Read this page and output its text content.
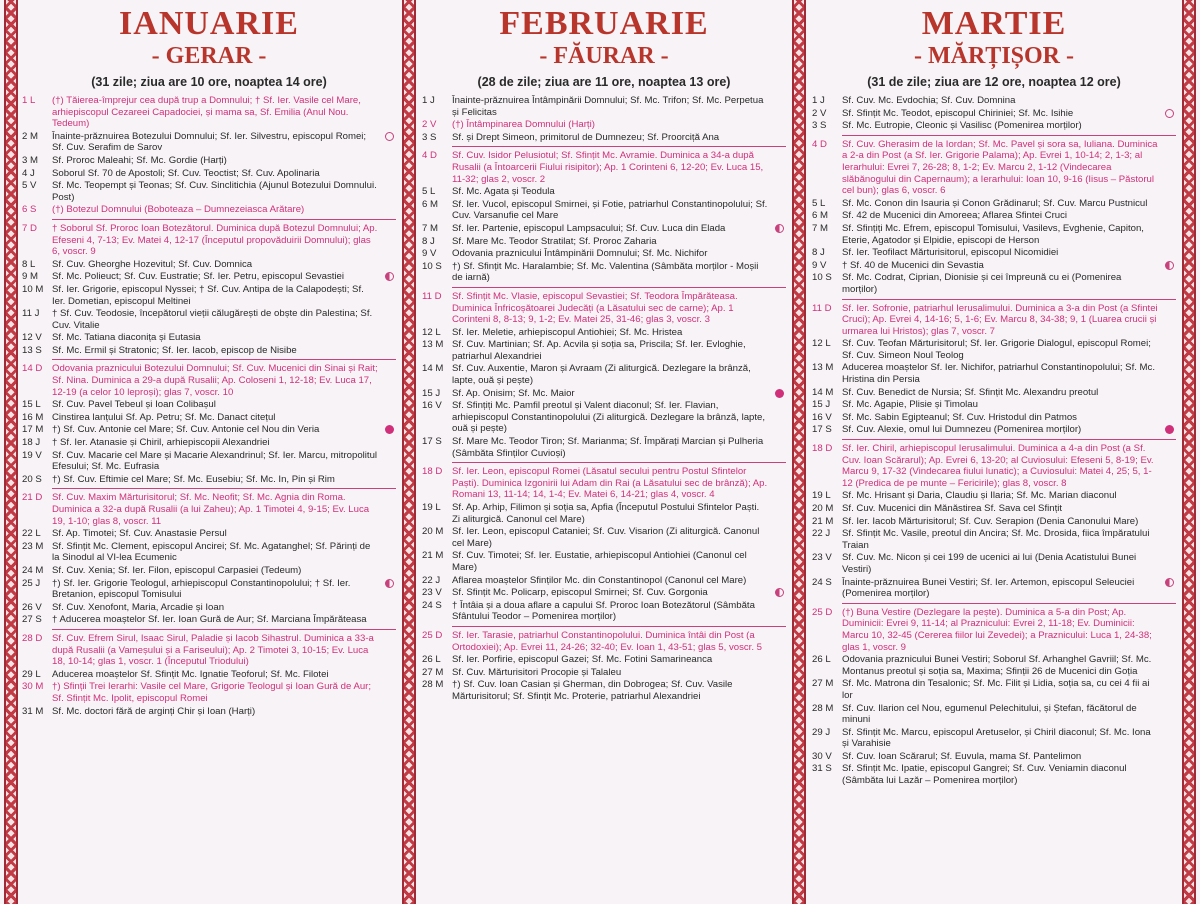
IANUARIE
- GERAR -
(31 zile; ziua are 10 ore, noaptea 14 ore)
1 L	(†) Tăierea-împrejur cea după trup a Domnului; † Sf. Ier. Vasile cel Mare, arhiepiscopul Cezareei Capadociei, și mama sa, Sf. Emilia (Anul Nou. Tedeum)
2 M	Înainte-prăznuirea Botezului Domnului; Sf. Ier. Silvestru, episcopul Romei; Sf. Cuv. Serafim de Sarov
3 M	Sf. Proroc Maleahi; Sf. Mc. Gordie (Harți)
4 J	Soborul Sf. 70 de Apostoli; Sf. Cuv. Teoctist; Sf. Cuv. Apolinaria
5 V	Sf. Mc. Teopempt și Teonas; Sf. Cuv. Sinclitichia (Ajunul Botezului Domnului. Post)
6 S	(†) Botezul Domnului (Boboteaza – Dumnezeiasca Arătare)
7 D	† Soborul Sf. Proroc Ioan Botezătorul. Duminica după Botezul Domnului; Ap. Efeseni 4, 7-13; Ev. Matei 4, 12-17 (Începutul propovăduirii Domnului); glas 6, voscr. 9
8 L	Sf. Cuv. Gheorghe Hozevitul; Sf. Cuv. Domnica
9 M	Sf. Mc. Polieuct; Sf. Cuv. Eustratie; Sf. Ier. Petru, episcopul Sevastiei
10 M Sf. Ier. Grigorie, episcopul Nyssei; † Sf. Cuv. Antipa de la Calapodești; Sf. Ier. Dometian, episcopul Meltinei
11 J	† Sf. Cuv. Teodosie, începătorul vieții călugărești de obște din Palestina; Sf. Cuv. Vitalie
12 V	Sf. Mc. Tatiana diaconița și Eutasia
13 S	Sf. Mc. Ermil și Stratonic; Sf. Ier. Iacob, episcop de Nisibe
14 D	Odovania praznicului Botezului Domnului; Sf. Cuv. Mucenici din Sinai și Rait; Sf. Nina. Duminica a 29-a după Rusalii; Ap. Coloseni 1, 12-18; Ev. Luca 17, 12-19 (a celor 10 leproși); glas 7, voscr. 10
15 L	Sf. Cuv. Pavel Tebeul și Ioan Colibașul
16 M Cinstirea lanțului Sf. Ap. Petru; Sf. Mc. Danact citețul
17 M †) Sf. Cuv. Antonie cel Mare; Sf. Cuv. Antonie cel Nou din Veria
18 J	† Sf. Ier. Atanasie și Chiril, arhiepiscopii Alexandriei
19 V	Sf. Cuv. Macarie cel Mare și Macarie Alexandrinul; Sf. Ier. Marcu, mitropolitul Efesului; Sf. Mc. Eufrasia
20 S	†) Sf. Cuv. Eftimie cel Mare; Sf. Mc. Eusebiu; Sf. Mc. In, Pin și Rim
21 D	Sf. Cuv. Maxim Mărturisitorul; Sf. Mc. Neofit; Sf. Mc. Agnia din Roma. Duminica a 32-a după Rusalii (a lui Zaheu); Ap. 1 Timotei 4, 9-15; Ev. Luca 19, 1-10; glas 8, voscr. 11
22 L	Sf. Ap. Timotei; Sf. Cuv. Anastasie Persul
23 M Sf. Sfințit Mc. Clement, episcopul Ancirei; Sf. Mc. Agatanghel; Sf. Părinți de la Sinodul al VI-lea Ecumenic
24 M Sf. Cuv. Xenia; Sf. Ier. Filon, episcopul Carpasiei (Tedeum)
25 J	†) Sf. Ier. Grigorie Teologul, arhiepiscopul Constantinopolului; † Sf. Ier. Bretanion, episcopul Tomisului
26 V	Sf. Cuv. Xenofont, Maria, Arcadie și Ioan
27 S	† Aducerea moaștelor Sf. Ier. Ioan Gură de Aur; Sf. Marciana Împărăteasa
28 D	Sf. Cuv. Efrem Sirul, Isaac Sirul, Paladie și Iacob Sihastrul. Duminica a 33-a după Rusalii (a Vameșului și a Fariseului); Ap. 2 Timotei 3, 10-15; Ev. Luca 18, 10-14; glas 1, voscr. 1 (Începutul Triodului)
29 L	Aducerea moaștelor Sf. Sfințit Mc. Ignatie Teoforul; Sf. Mc. Filotei
30 M †) Sfinții Trei Ierarhi: Vasile cel Mare, Grigorie Teologul și Ioan Gură de Aur; Sf. Sfințit Mc. Ipolit, episcopul Romei
31 M Sf. Mc. doctori fără de arginți Chir și Ioan (Harți)
FEBRUARIE
- FĂURAR -
(28 de zile; ziua are 11 ore, noaptea 13 ore)
1 J	Înainte-prăznuirea Întâmpinării Domnului; Sf. Mc. Trifon; Sf. Mc. Perpetua și Felicitas
2 V	(†) Întâmpinarea Domnului (Harți)
3 S	Sf. și Drept Simeon, primitorul de Dumnezeu; Sf. Proorciță Ana
4 D	Sf. Cuv. Isidor Pelusiotul; Sf. Sfințit Mc. Avramie. Duminica a 34-a după Rusalii (a Întoarcerii Fiului risipitor); Ap. 1 Corinteni 6, 12-20; Ev. Luca 15, 11-32; glas 2, voscr. 2
5 L	Sf. Mc. Agata și Teodula
6 M	Sf. Ier. Vucol, episcopul Smirnei, și Fotie, patriarhul Constantinopolului; Sf. Cuv. Varsanufie cel Mare
7 M	Sf. Ier. Partenie, episcopul Lampsacului; Sf. Cuv. Luca din Elada
8 J	Sf. Mare Mc. Teodor Stratilat; Sf. Proroc Zaharia
9 V	Odovania praznicului Întâmpinării Domnului; Sf. Mc. Nichifor
10 S	†) Sf. Sfințit Mc. Haralambie; Sf. Mc. Valentina (Sâmbăta morților - Moșii de iarnă)
11 D	Sf. Sfințit Mc. Vlasie, episcopul Sevastiei; Sf. Teodora Împărăteasa. Duminica Înfricoșătoarei Judecăți (a Lăsatului sec de carne); Ap. 1 Corinteni 8, 8-13; 9, 1-2; Ev. Matei 25, 31-46; glas 3, voscr. 3
12 L	Sf. Ier. Meletie, arhiepiscopul Antiohiei; Sf. Mc. Hristea
13 M Sf. Cuv. Martinian; Sf. Ap. Acvila și soția sa, Priscila; Sf. Ier. Evloghie, patriarhul Alexandriei
14 M Sf. Cuv. Auxentie, Maron și Avraam (Zi aliturgică. Dezlegare la brânză, lapte, ouă și pește)
15 J	Sf. Ap. Onisim; Sf. Mc. Maior
16 V	Sf. Sfințiți Mc. Pamfil preotul și Valent diaconul; Sf. Ier. Flavian, arhiepiscopul Constantinopolului (Zi aliturgică. Dezlegare la brânză, lapte, ouă și pește)
17 S	Sf. Mare Mc. Teodor Tiron; Sf. Marianma; Sf. Împărați Marcian și Pulheria (Sâmbăta Sfinților Cuvioși)
18 D	Sf. Ier. Leon, episcopul Romei (Lăsatul secului pentru Postul Sfintelor Paști). Duminica Izgonirii lui Adam din Rai (a Lăsatului sec de brânză); Ap. Romani 13, 11-14; 14, 1-4; Ev. Matei 6, 14-21; glas 4, voscr. 4
19 L	Sf. Ap. Arhip, Filimon și soția sa, Apfia (Începutul Postului Sfintelor Paști. Zi aliturgică. Canonul cel Mare)
20 M Sf. Ier. Leon, episcopul Cataniei; Sf. Cuv. Visarion (Zi aliturgică. Canonul cel Mare)
21 M Sf. Cuv. Timotei; Sf. Ier. Eustatie, arhiepiscopul Antiohiei (Canonul cel Mare)
22 J	Aflarea moaștelor Sfinților Mc. din Constantinopol (Canonul cel Mare)
23 V	Sf. Sfințit Mc. Policarp, episcopul Smirnei; Sf. Cuv. Gorgonia
24 S	† Întâia și a doua aflare a capului Sf. Proroc Ioan Botezătorul (Sâmbăta Sfântului Teodor – Pomenirea morților)
25 D	Sf. Ier. Tarasie, patriarhul Constantinopolului. Duminica întâi din Post (a Ortodoxiei); Ap. Evrei 11, 24-26; 32-40; Ev. Ioan 1, 43-51; glas 5, voscr. 5
26 L	Sf. Ier. Porfirie, episcopul Gazei; Sf. Mc. Fotini Samarineanca
27 M Sf. Cuv. Mărturisitori Procopie și Talaleu
28 M †) Sf. Cuv. Ioan Casian și Gherman, din Dobrogea; Sf. Cuv. Vasile Mărturisitorul; Sf. Sfințit Mc. Proterie, patriarhul Alexandriei
MARTIE
- MĂRȚIȘOR -
(31 de zile; ziua are 12 ore, noaptea 12 ore)
1 J	Sf. Cuv. Mc. Evdochia; Sf. Cuv. Domnina
2 V	Sf. Sfințit Mc. Teodot, episcopul Chiriniei; Sf. Mc. Isihie
3 S	Sf. Mc. Eutropie, Cleonic și Vasilisc (Pomenirea morților)
4 D	Sf. Cuv. Gherasim de la Iordan; Sf. Mc. Pavel și sora sa, Iuliana. Duminica a 2-a din Post (a Sf. Ier. Grigorie Palama); Ap. Evrei 1, 10-14; 2, 1-3; al Ierarhului: Evrei 7, 26-28; 8, 1-2; Ev. Marcu 2, 1-12 (Vindecarea slăbănogului din Capernaum); a Ierarhului: Ioan 10, 9-16 (Iisus – Păstorul cel bun); glas 6, voscr. 6
5 L	Sf. Mc. Conon din Isauria și Conon Grădinarul; Sf. Cuv. Marcu Pustnicul
6 M	Sf. 42 de Mucenici din Amoreea; Aflarea Sfintei Cruci
7 M	Sf. Sfințiți Mc. Efrem, episcopul Tomisului, Vasilevs, Evghenie, Capiton, Eterie, Agatodor și Elpidie, episcopi de Herson
8 J	Sf. Ier. Teofilact Mărturisitorul, episcopul Nicomidiei
9 V	† Sf. 40 de Mucenici din Sevastia
10 S	Sf. Mc. Codrat, Ciprian, Dionisie și cei împreună cu ei (Pomenirea morților)
11 D	Sf. Ier. Sofronie, patriarhul Ierusalimului. Duminica a 3-a din Post (a Sfintei Cruci); Ap. Evrei 4, 14-16; 5, 1-6; Ev. Marcu 8, 34-38; 9, 1 (Luarea crucii și urmarea lui Hristos); glas 7, voscr. 7
12 L	Sf. Cuv. Teofan Mărturisitorul; Sf. Ier. Grigorie Dialogul, episcopul Romei; Sf. Cuv. Simeon Noul Teolog
13 M Aducerea moaștelor Sf. Ier. Nichifor, patriarhul Constantinopolului; Sf. Mc. Hristina din Persia
14 M Sf. Cuv. Benedict de Nursia; Sf. Sfințit Mc. Alexandru preotul
15 J	Sf. Mc. Agapie, Plisie și Timolau
16 V	Sf. Mc. Sabin Egipteanul; Sf. Cuv. Hristodul din Patmos
17 S	Sf. Cuv. Alexie, omul lui Dumnezeu (Pomenirea morților)
18 D	Sf. Ier. Chiril, arhiepiscopul Ierusalimului. Duminica a 4-a din Post (a Sf. Cuv. Ioan Scărarul); Ap. Evrei 6, 13-20; al Cuviosului: Efeseni 5, 8-19; Ev. Marcu 9, 17-32 (Vindecarea fiului lunatic); a Cuviosului: Matei 4, 25; 5, 1-12 (Predica de pe munte – Fericirile); glas 8, voscr. 8
19 L	Sf. Mc. Hrisant și Daria, Claudiu și Ilaria; Sf. Mc. Marian diaconul
20 M Sf. Cuv. Mucenici din Mănăstirea Sf. Sava cel Sfințit
21 M Sf. Ier. Iacob Mărturisitorul; Sf. Cuv. Serapion (Denia Canonului Mare)
22 J	Sf. Sfințit Mc. Vasile, preotul din Ancira; Sf. Mc. Drosida, fiica împăratului Traian
23 V	Sf. Cuv. Mc. Nicon și cei 199 de ucenici ai lui (Denia Acatistului Bunei Vestiri)
24 S	Înainte-prăznuirea Bunei Vestiri; Sf. Ier. Artemon, episcopul Seleuciei (Pomenirea morților)
25 D	(†) Buna Vestire (Dezlegare la pește). Duminica a 5-a din Post; Ap. Duminicii: Evrei 9, 11-14; al Praznicului: Evrei 2, 11-18; Ev. Duminicii: Marcu 10, 32-45 (Cererea fiilor lui Zevedei); a Praznicului: Luca 1, 24-38; glas 1, voscr. 9
26 L	Odovania praznicului Bunei Vestiri; Soborul Sf. Arhanghel Gavriil; Sf. Mc. Montanus preotul și soția sa, Maxima; Sfinții 26 de Mucenici din Goția
27 M Sf. Mc. Matrona din Tesalonic; Sf. Mc. Filit și Lidia, soția sa, cu cei 4 fii ai lor
28 M Sf. Cuv. Ilarion cel Nou, egumenul Pelechitului, și Ștefan, făcătorul de minuni
29 J	Sf. Sfințit Mc. Marcu, episcopul Aretuselor, și Chiril diaconul; Sf. Mc. Iona și Varahisie
30 V	Sf. Cuv. Ioan Scărarul; Sf. Euvula, mama Sf. Pantelimon
31 S	Sf. Sfințit Mc. Ipatie, episcopul Gangrei; Sf. Cuv. Veniamin diaconul (Sâmbăta lui Lazăr – Pomenirea morților)
